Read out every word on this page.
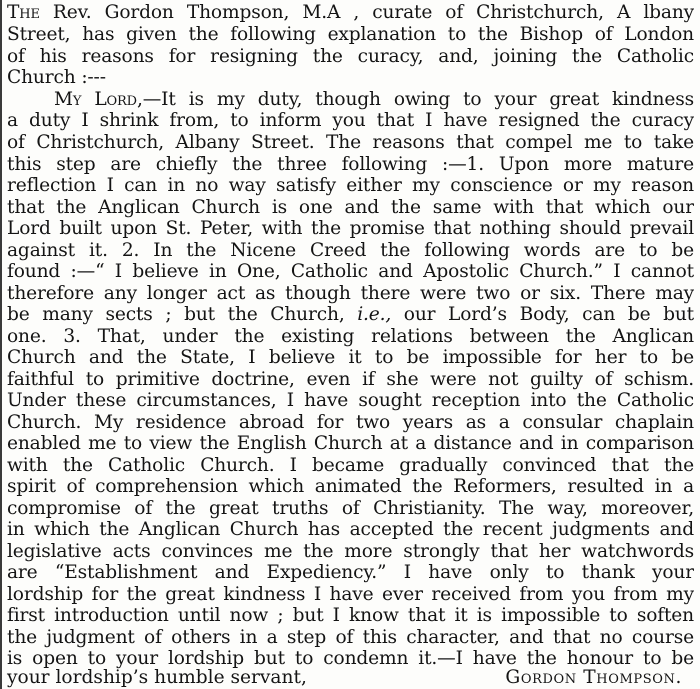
The Rev. Gordon Thompson, M.A , curate of Christchurch, A lbany
Street, has given the following explanation to the Bishop of London
of his reasons for resigning the curacy, and, joining the Catholic
Church :---
My Lord,—It is my duty, though owing to your great kindness
a duty I shrink from, to inform you that I have resigned the curacy
of Christchurch, Albany Street. The reasons that compel me to take
this step are chiefly the three following :—1. Upon more mature
reflection I can in no way satisfy either my conscience or my reason
that the Anglican Church is one and the same with that which our
Lord built upon St. Peter, with the promise that nothing should prevail
against it. 2. In the Nicene Creed the following words are to be
found :—“ I believe in One, Catholic and Apostolic Church.” I cannot
therefore any longer act as though there were two or six. There may
be many sects ; but the Church, i.e., our Lord’s Body, can be but
one. 3. That, under the existing relations between the Anglican
Church and the State, I believe it to be impossible for her to be
faithful to primitive doctrine, even if she were not guilty of schism.
Under these circumstances, I have sought reception into the Catholic
Church. My residence abroad for two years as a consular chaplain
enabled me to view the English Church at a distance and in comparison
with the Catholic Church. I became gradually convinced that the
spirit of comprehension which animated the Reformers, resulted in a
compromise of the great truths of Christianity. The way, moreover,
in which the Anglican Church has accepted the recent judgments and
legislative acts convinces me the more strongly that her watchwords
are “Establishment and Expediency.” I have only to thank your
lordship for the great kindness I have ever received from you from my
first introduction until now ; but I know that it is impossible to soften
the judgment of others in a step of this character, and that no course
is open to your lordship but to condemn it.—I have the honour to be
your lordship’s humble servant,	Gordon Thompson.
